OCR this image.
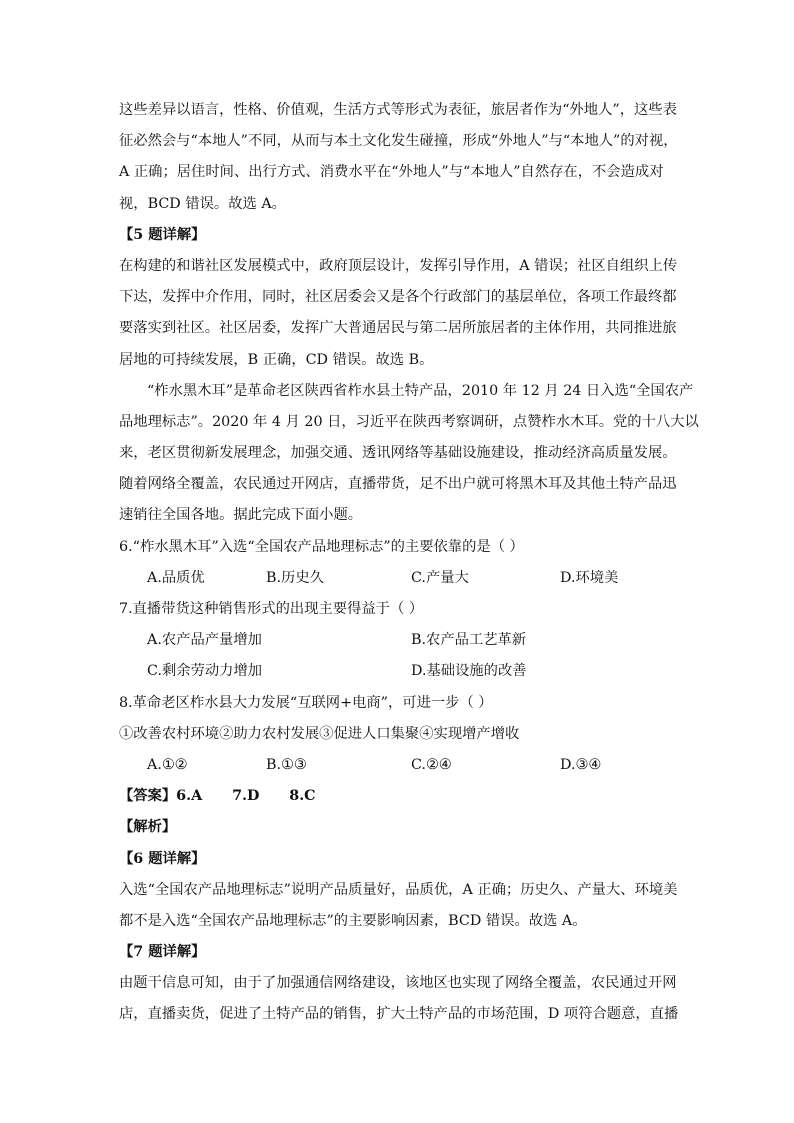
这些差异以语言，性格、价值观，生活方式等形式为表征，旅居者作为“外地人”，这些表
征必然会与“本地人”不同，从而与本土文化发生碰撞，形成“外地人”与“本地人”的对视，
A 正确；居住时间、出行方式、消费水平在“外地人”与“本地人”自然存在，不会造成对
视，BCD 错误。故选 A。
【5 题详解】
在构建的和谐社区发展模式中，政府顶层设计，发挥引导作用，A 错误；社区自组织上传
下达，发挥中介作用，同时，社区居委会又是各个行政部门的基层单位，各项工作最终都
要落实到社区。社区居委，发挥广大普通居民与第二居所旅居者的主体作用，共同推进旅
居地的可持续发展，B 正确，CD 错误。故选 B。
“柞水黑木耳”是革命老区陕西省柞水县土特产品，2010 年 12 月 24 日入选“全国农产
品地理标志”。2020 年 4 月 20 日，习近平在陕西考察调研，点赞柞水木耳。党的十八大以
来，老区贯彻新发展理念，加强交通、透讯网络等基础设施建设，推动经济高质量发展。
随着网络全覆盖，农民通过开网店，直播带货，足不出户就可将黑木耳及其他土特产品迅
速销往全国各地。据此完成下面小题。
6.“柞水黑木耳”入选“全国农产品地理标志”的主要依靠的是（ ）
A.品质优	B.历史久	C.产量大	D.环境美
7.直播带货这种销售形式的出现主要得益于（ ）
A.农产品产量增加	B.农产品工艺革新
C.剩余劳动力增加	D.基础设施的改善
8.革命老区柞水县大力发展“互联网+电商”，可进一步（ ）
①改善农村环境②助力农村发展③促进人口集聚④实现增产增收
A.①②	B.①③	C.②④	D.③④
【答案】6.A      7.D      8.C
【解析】
【6 题详解】
入选“全国农产品地理标志”说明产品质量好，品质优，A 正确；历史久、产量大、环境美
都不是入选“全国农产品地理标志”的主要影响因素，BCD 错误。故选 A。
【7 题详解】
由题干信息可知，由于了加强通信网络建设，该地区也实现了网络全覆盖，农民通过开网
店，直播卖货，促进了土特产品的销售，扩大土特产品的市场范围，D 项符合题意，直播
